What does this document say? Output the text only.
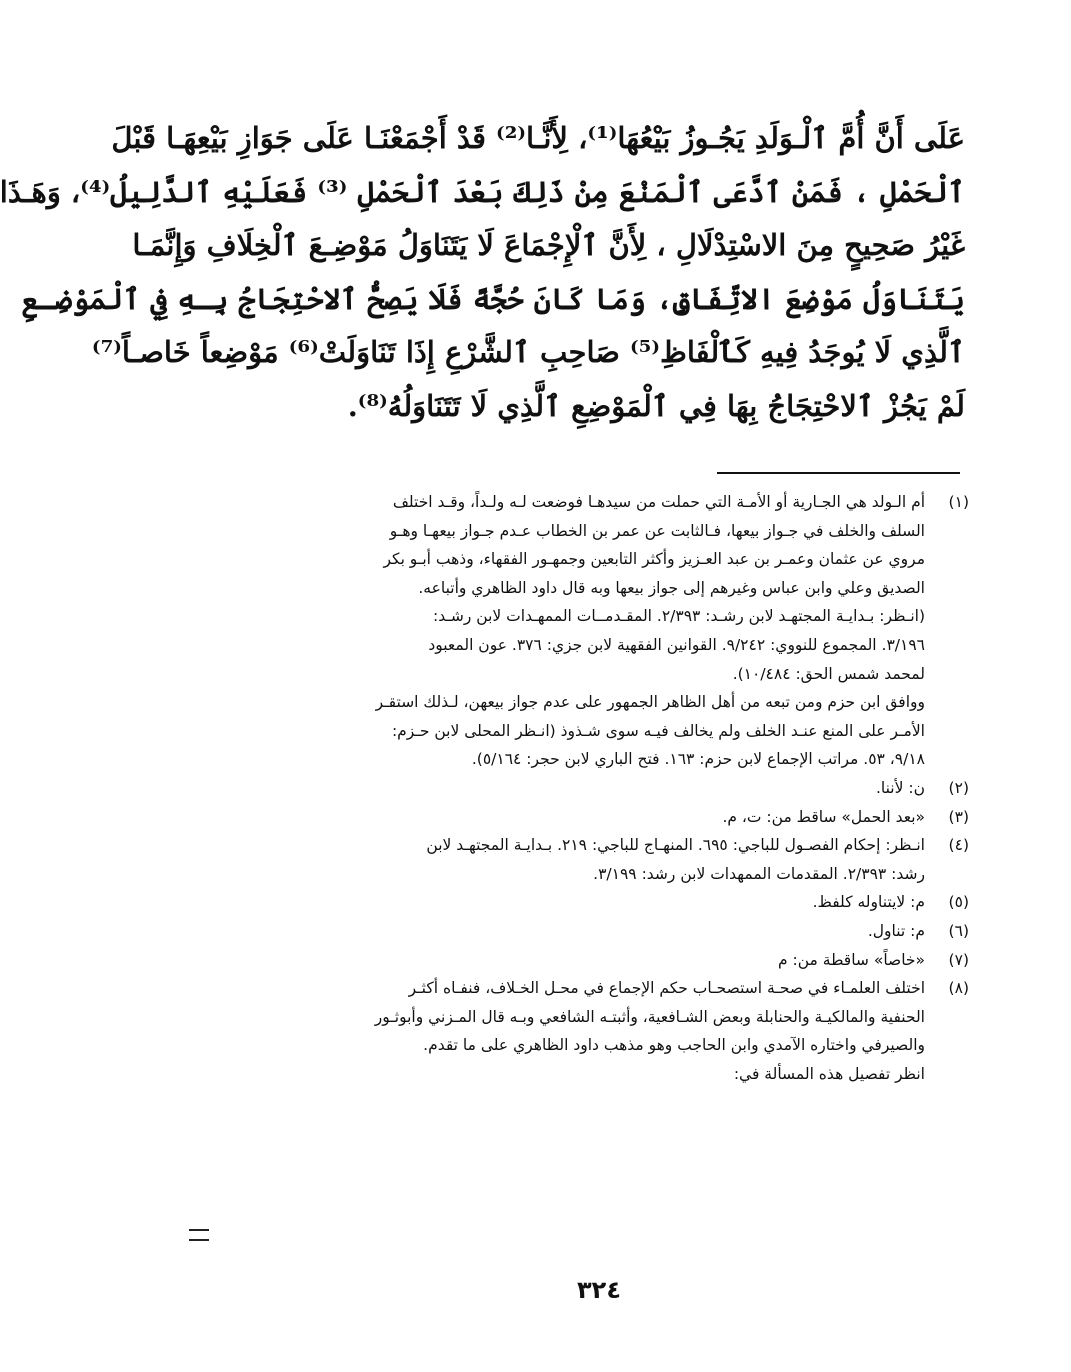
عَلَى أَنَّ أُمَّ ٱلْـوَلَدِ يَجُـوزُ بَيْعُهَا⁽¹⁾، لِأَنَّـا⁽²⁾ قَدْ أَجْمَعْنَـا عَلَى جَوَازِ بَيْعِهَـا قَبْلَ
ٱلْحَمْلِ ، فَمَنْ ٱدَّعَى ٱلْمَنْعَ مِنْ ذَلِكَ بَعْدَ ٱلْحَمْلِ ⁽³⁾ فَعَلَيْهِ ٱلدَّلِيلُ⁽⁴⁾، وَهَـذَا
غَيْرُ صَحِيحٍ مِنَ الاسْتِدْلَالِ ، لِأَنَّ ٱلْإِجْمَاعَ لَا يَتَنَاوَلُ مَوْضِـعَ ٱلْخِلَافِ وَإِنَّمَـا
يَتَنَاوَلُ مَوْضِعَ الاتِّفَاقِ، وَمَا كَانَ حُجَّةً فَلَا يَصِحُّ ٱلاحْتِجَاجُ بِـهِ فِي ٱلْمَوْضِـعِ
ٱلَّذِي لَا يُوجَدُ فِيهِ كَٱلْفَاظِ⁽⁵⁾ صَاحِبِ ٱلشَّرْعِ إِذَا تَنَاوَلَتْ⁽⁶⁾ مَوْضِعاً خَاصـاً⁽⁷⁾
لَمْ يَجُزْ ٱلاحْتِجَاجُ بِهَا فِي ٱلْمَوْضِعِ ٱلَّذِي لَا تَتَنَاوَلُهُ⁽⁸⁾.
(١)
أم الـولد هي الجـارية أو الأمـة التي حملت من سيدهـا فوضعت لـه ولـداً، وقـد اختلف
السلف والخلف في جـواز بيعها، فـالثابت عن عمر بن الخطاب عـدم جـواز بيعهـا وهـو
مروي عن عثمان وعمـر بن عبد العـزيز وأكثر التابعين وجمهـور الفقهاء، وذهب أبـو بكر
الصديق وعلي وابن عباس وغيرهم إلى جواز بيعها وبه قال داود الظاهري وأتباعه.
(انـظر: بـدايـة المجتهـد لابن رشـد: ٢/٣٩٣. المقـدمــات الممهـدات لابن رشـد:
٣/١٩٦. المجموع للنووي: ٩/٢٤٢. القوانين الفقهية لابن جزي: ٣٧٦. عون المعبود
لمحمد شمس الحق: ١٠/٤٨٤).
ووافق ابن حزم ومن تبعه من أهل الظاهر الجمهور على عدم جواز بيعهن، لـذلك استقـر
الأمـر على المنع عنـد الخلف ولم يخالف فيـه سوى شـذوذ (انـظر المحلى لابن حـزم:
٩/١٨، ٥٣. مراتب الإجماع لابن حزم: ١٦٣. فتح الباري لابن حجر: ٥/١٦٤).
(٢)
ن: لأننا.
(٣)
«بعد الحمل» ساقط من: ت، م.
(٤)
انـظر: إحكام الفصـول للباجي: ٦٩٥. المنهـاج للباجي: ٢١٩. بـدايـة المجتهـد لابن
رشد: ٢/٣٩٣. المقدمات الممهدات لابن رشد: ٣/١٩٩.
(٥)
م: لايتناوله كلفظ.
(٦)
م: تناول.
(٧)
«خاصاً» ساقطة من: م
(٨)
اختلف العلمـاء في صحـة استصحـاب حكم الإجماع في محـل الخـلاف، فنفـاه أكثـر
الحنفية والمالكيـة والحنابلة وبعض الشـافعية، وأثبتـه الشافعي وبـه قال المـزني وأبوثـور
والصيرفي واختاره الآمدي وابن الحاجب وهو مذهب داود الظاهري على ما تقدم.
انظر تفصيل هذه المسألة في:
٣٢٤
